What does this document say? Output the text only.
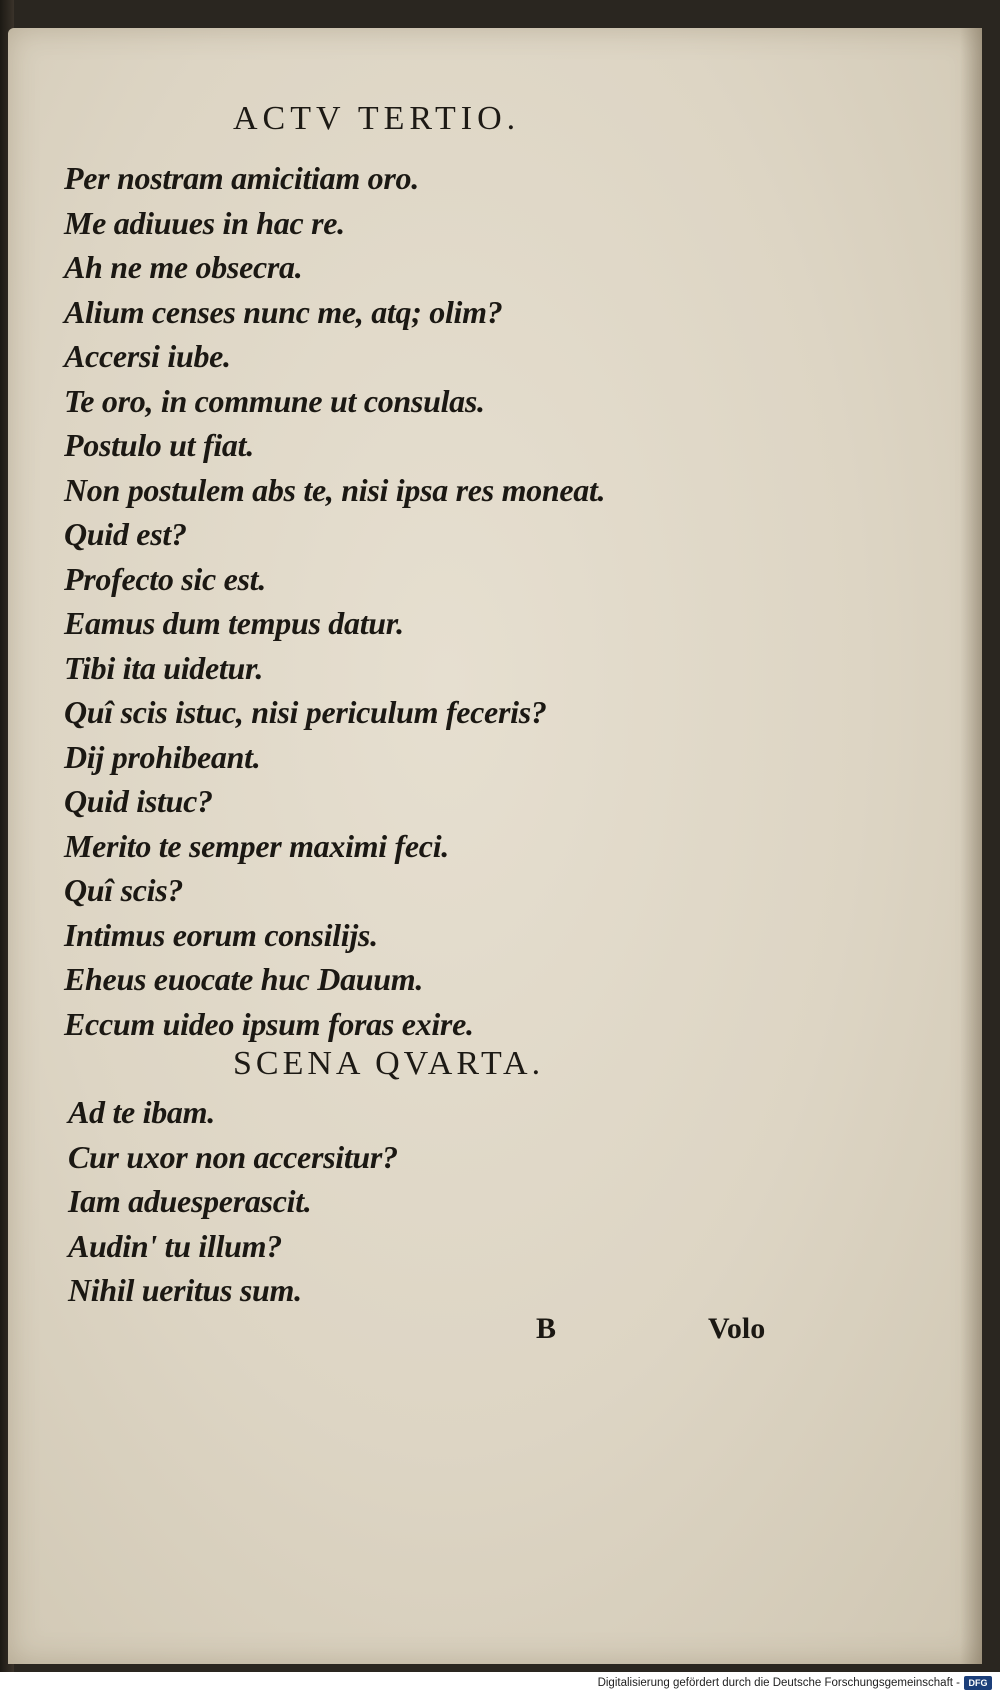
ACTV TERTIO.
Per nostram amicitiam oro.
Me adiuues in hac re.
Ah ne me obsecra.
Alium censes nunc me, atq; olim?
Accersi iube.
Te oro, in commune ut consulas.
Postulo ut fiat.
Non postulem abs te, nisi ipsa res moneat.
Quid est?
Profecto sic est.
Eamus dum tempus datur.
Tibi ita uidetur.
Quî scis istuc, nisi periculum feceris?
Dij prohibeant.
Quid istuc?
Merito te semper maximi feci.
Quî scis?
Intimus eorum consilijs.
Eheus euocate huc Dauum.
Eccum uideo ipsum foras exire.
SCENA QVARTA.
Ad te ibam.
Cur uxor non accersitur?
Iam aduesperascit.
Audin' tu illum?
Nihil ueritus sum.
B	Volo
Digitalisierung gefördert durch die Deutsche Forschungsgemeinschaft - DFG
